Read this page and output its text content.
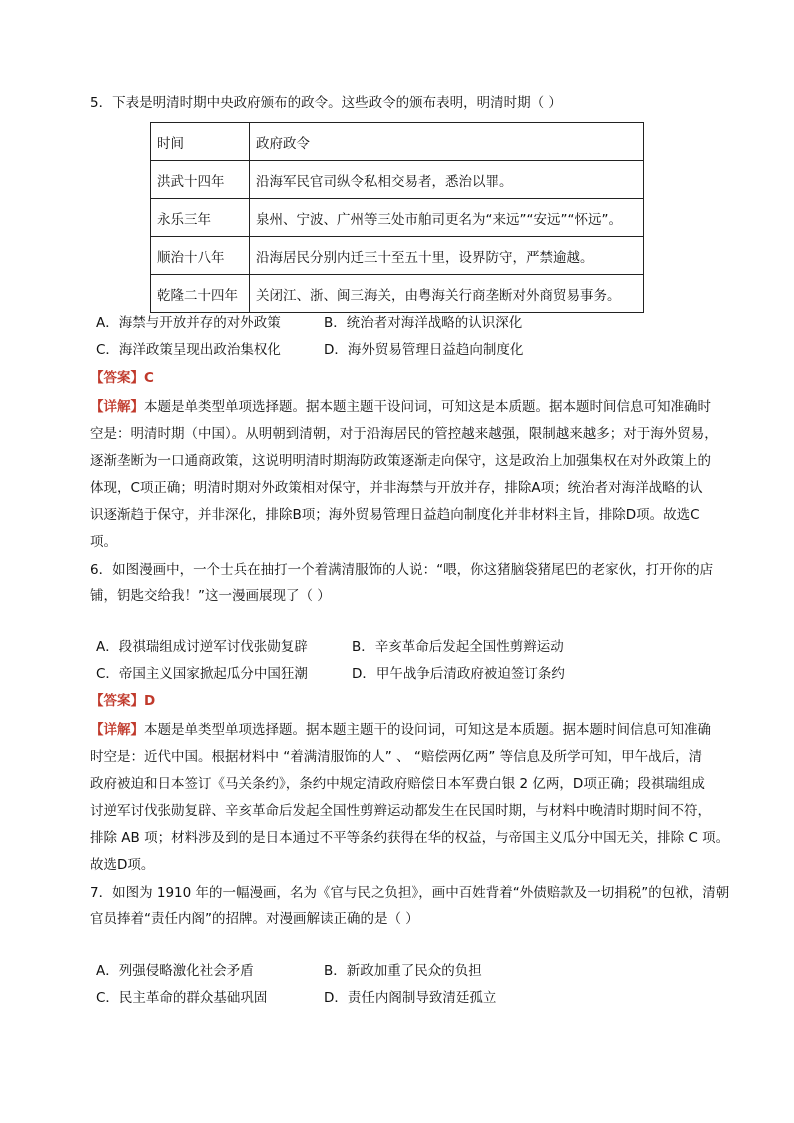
5．下表是明清时期中央政府颁布的政令。这些政令的颁布表明，明清时期（ ）
时间	政府政令
洪武十四年	沿海军民官司纵令私相交易者，悉治以罪。
永乐三年	泉州、宁波、广州等三处市舶司更名为“来远”“安远”“怀远”。
顺治十八年	沿海居民分别内迁三十至五十里，设界防守，严禁逾越。
乾隆二十四年	关闭江、浙、闽三海关，由粤海关行商垄断对外商贸易事务。
A．海禁与开放并存的对外政策	B．统治者对海洋战略的认识深化
C．海洋政策呈现出政治集权化	D．海外贸易管理日益趋向制度化
【答案】C
【详解】本题是单类型单项选择题。据本题主题干设问词，可知这是本质题。据本题时间信息可知准确时
空是：明清时期（中国）。从明朝到清朝，对于沿海居民的管控越来越强，限制越来越多；对于海外贸易，
逐渐垄断为一口通商政策，这说明明清时期海防政策逐渐走向保守，这是政治上加强集权在对外政策上的
体现，C项正确；明清时期对外政策相对保守，并非海禁与开放并存，排除A项；统治者对海洋战略的认
识逐渐趋于保守，并非深化，排除B项；海外贸易管理日益趋向制度化并非材料主旨，排除D项。故选C
项。
6．如图漫画中，一个士兵在抽打一个着满清服饰的人说：“喂，你这猪脑袋猪尾巴的老家伙，打开你的店
铺，钥匙交给我！”这一漫画展现了（ ）
A．段祺瑞组成讨逆军讨伐张勋复辟	B．辛亥革命后发起全国性剪辫运动
C．帝国主义国家掀起瓜分中国狂潮	D．甲午战争后清政府被迫签订条约
【答案】D
【详解】本题是单类型单项选择题。据本题主题干的设问词，可知这是本质题。据本题时间信息可知准确
时空是：近代中国。根据材料中 “着满清服饰的人” 、 “赔偿两亿两” 等信息及所学可知，甲午战后，清
政府被迫和日本签订《马关条约》，条约中规定清政府赔偿日本军费白银 2 亿两，D项正确；段祺瑞组成
讨逆军讨伐张勋复辟、辛亥革命后发起全国性剪辫运动都发生在民国时期，与材料中晚清时期时间不符，
排除 AB 项；材料涉及到的是日本通过不平等条约获得在华的权益，与帝国主义瓜分中国无关，排除 C 项。
故选D项。
7．如图为 1910 年的一幅漫画，名为《官与民之负担》，画中百姓背着“外债赔款及一切捐税”的包袱，清朝
官员捧着“责任内阁”的招牌。对漫画解读正确的是（ ）
A．列强侵略激化社会矛盾	B．新政加重了民众的负担
C．民主革命的群众基础巩固	D．责任内阁制导致清廷孤立
